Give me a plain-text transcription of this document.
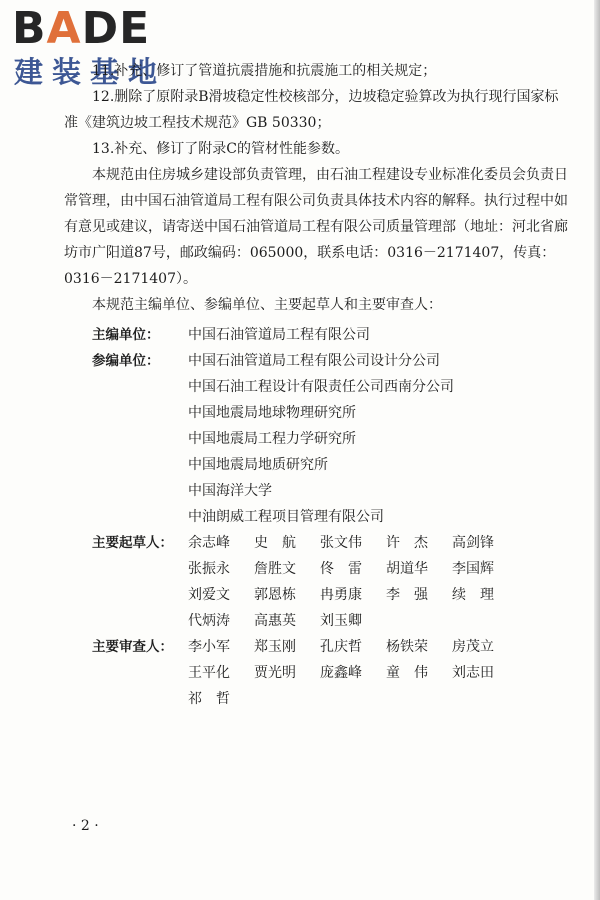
BADE
建装基地

11.补充、修订了管道抗震措施和抗震施工的相关规定；

12.删除了原附录B滑坡稳定性校核部分，边坡稳定验算改为执行现行国家标准《建筑边坡工程技术规范》GB 50330；

13.补充、修订了附录C的管材性能参数。

本规范由住房城乡建设部负责管理，由石油工程建设专业标准化委员会负责日常管理，由中国石油管道局工程有限公司负责具体技术内容的解释。执行过程中如有意见或建议，请寄送中国石油管道局工程有限公司质量管理部（地址：河北省廊坊市广阳道87号，邮政编码：065000，联系电话：0316－2171407，传真：0316－2171407）。

本规范主编单位、参编单位、主要起草人和主要审查人：

主编单位：	中国石油管道局工程有限公司
参编单位：	中国石油管道局工程有限公司设计分公司
中国石油工程设计有限责任公司西南分公司
中国地震局地球物理研究所
中国地震局工程力学研究所
中国地震局地质研究所
中国海洋大学
中油朗威工程项目管理有限公司
主要起草人：	余志峰	史　航	张文伟	许　杰	高剑锋
张振永	詹胜文	佟　雷	胡道华	李国辉
刘爱文	郭恩栋	冉勇康	李　强	续　理
代炳涛	高惠英	刘玉卿
主要审查人：	李小军	郑玉刚	孔庆哲	杨铁荣	房茂立
王平化	贾光明	庞鑫峰	童　伟	刘志田
祁　哲
· 2 ·
